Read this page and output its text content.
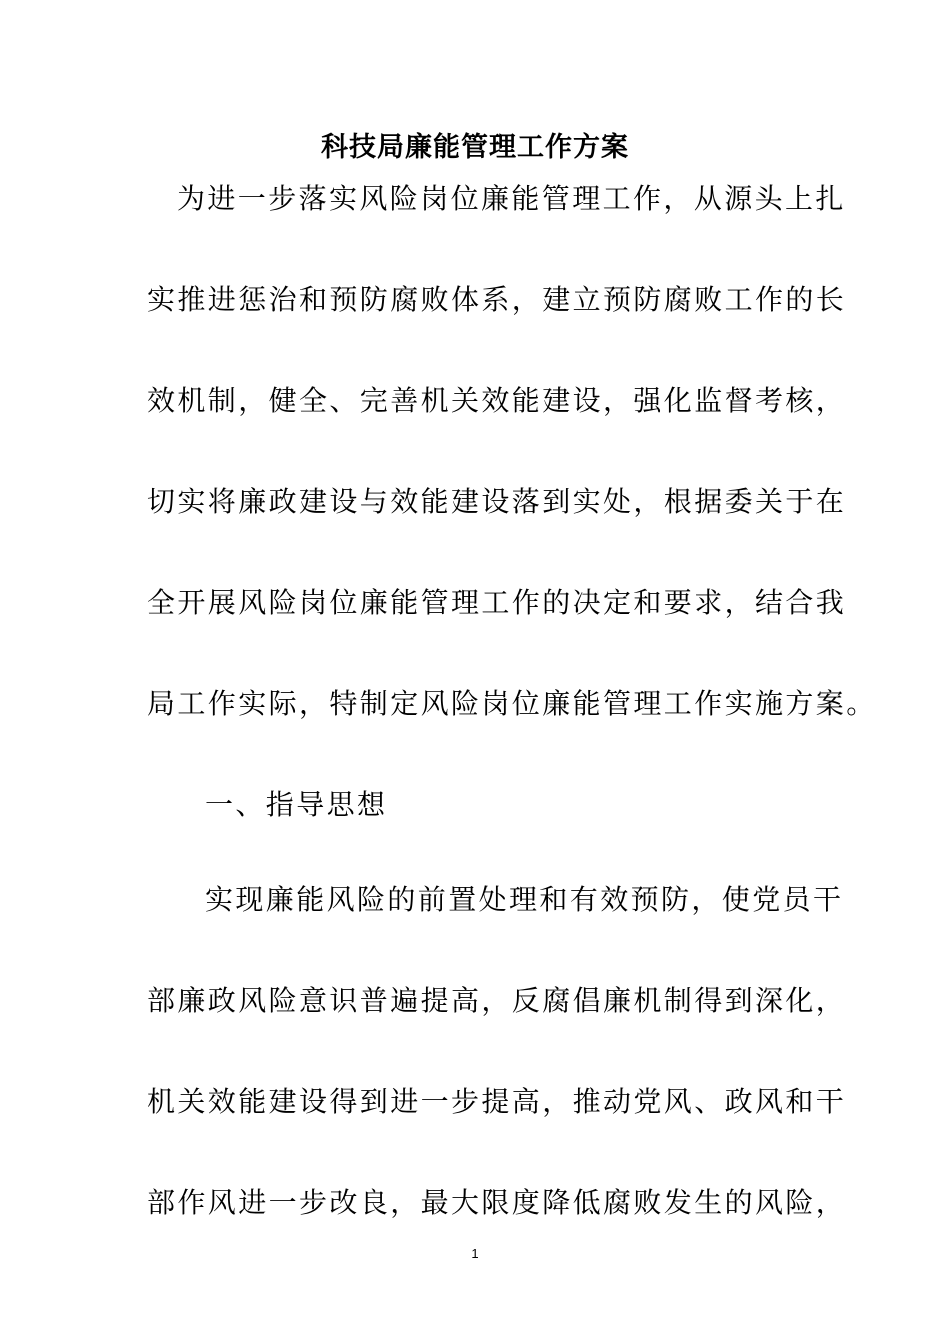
科技局廉能管理工作方案
为进一步落实风险岗位廉能管理工作，从源头上扎
实推进惩治和预防腐败体系，建立预防腐败工作的长
效机制，健全、完善机关效能建设，强化监督考核，
切实将廉政建设与效能建设落到实处，根据委关于在
全开展风险岗位廉能管理工作的决定和要求，结合我
局工作实际，特制定风险岗位廉能管理工作实施方案。
一、指导思想
实现廉能风险的前置处理和有效预防，使党员干
部廉政风险意识普遍提高，反腐倡廉机制得到深化，
机关效能建设得到进一步提高，推动党风、政风和干
部作风进一步改良，最大限度降低腐败发生的风险，
1
